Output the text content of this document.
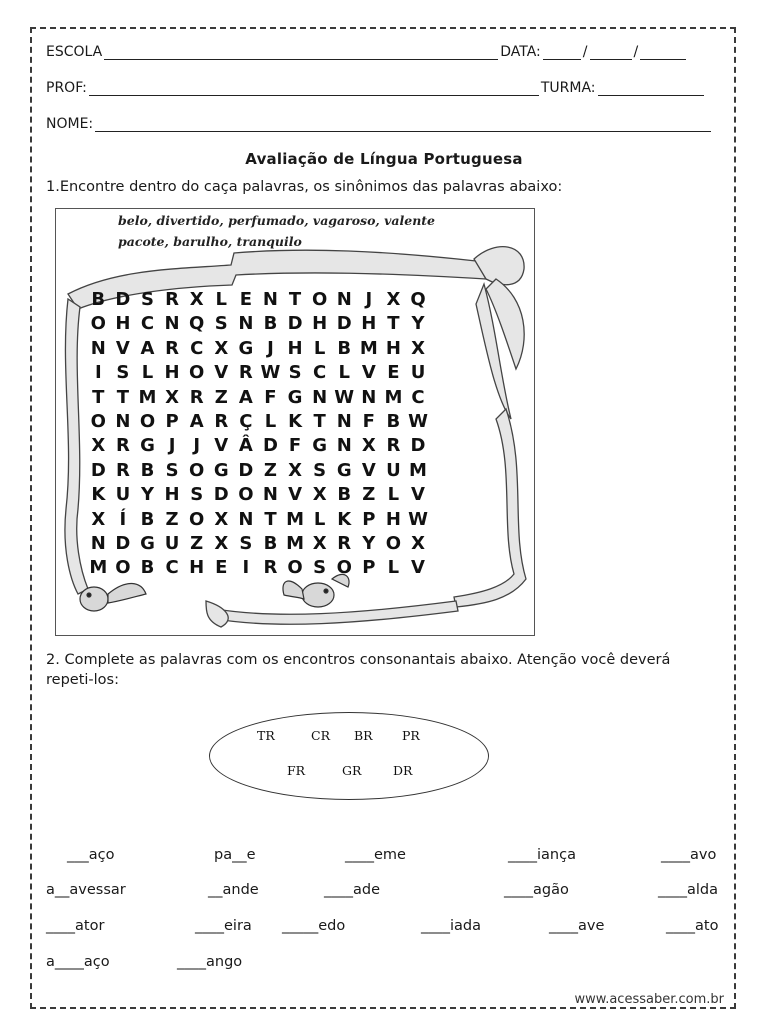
ESCOLA	DATA:	/	/
PROF:	TURMA:
NOME:
Avaliação de Língua Portuguesa
1.Encontre dentro do caça palavras, os sinônimos das palavras abaixo:
belo, divertido, perfumado, vagaroso, valente
pacote, barulho, tranquilo
B D S R X L E N T O N J X Q
O H C N Q S N B D H D H T Y
N V A R C X G J H L B M H X
I S L H O V R W S C L V E U
T T M X R Z A F G N W N M C
O N O P A R Ç L K T N F B W
X R G J J V Â D F G N X R D
D R B S O G D Z X S G V U M
K U Y H S D O N V X B Z L V
X Í B Z O X N T M L K P H W
N D G U Z X S B M X R Y O X
M O B C H E I R O S O P L V
2. Complete as palavras com os encontros consonantais abaixo. Atenção você deverá repeti-los:
TR	CR BR PR
FR	GR	DR
___aço	pa__e	____eme	____iança	____avo
a__avessar	__ande	____ade	____agão	____alda
____ator	____eira _____edo	____iada	____ave	____ato
a____aço	____ango
www.acessaber.com.br
